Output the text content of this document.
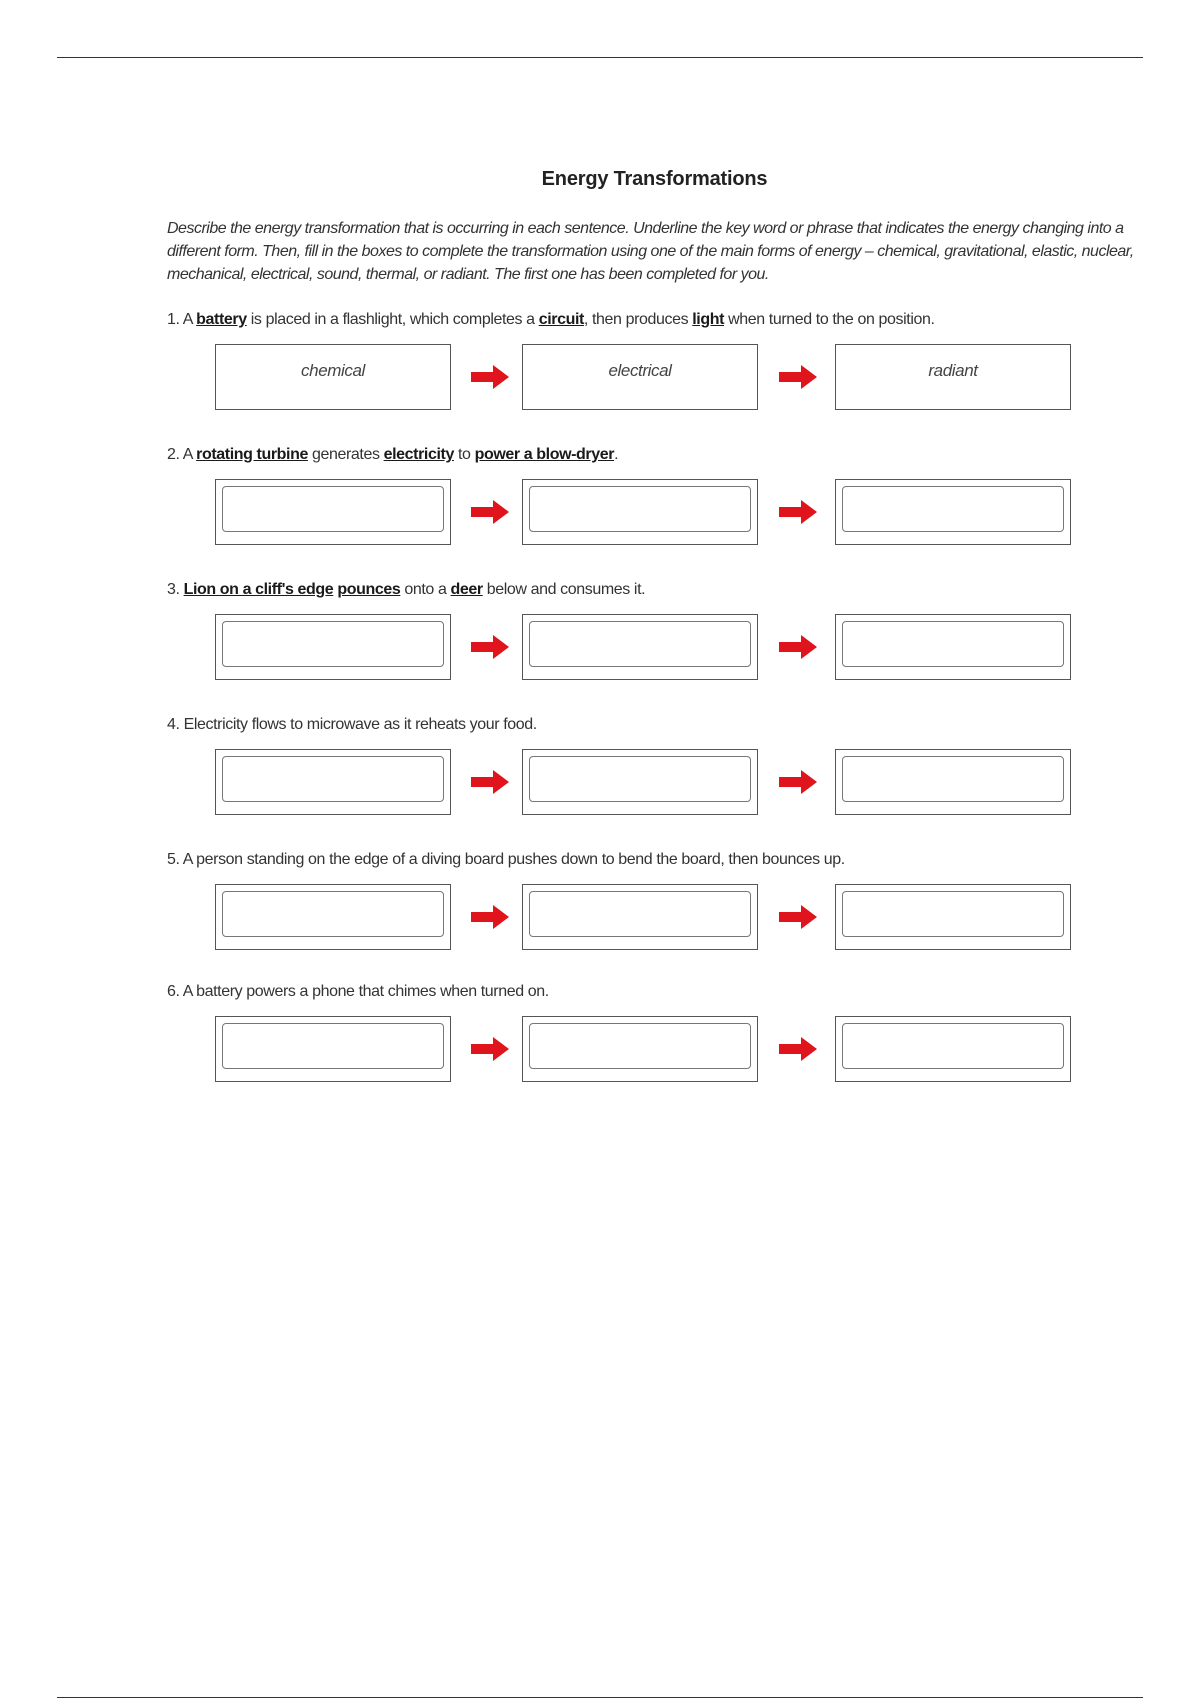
Energy Transformations
Describe the energy transformation that is occurring in each sentence. Underline the key word or phrase that indicates the energy changing into a different form. Then, fill in the boxes to complete the transformation using one of the main forms of energy – chemical, gravitational, elastic, nuclear, mechanical, electrical, sound, thermal, or radiant. The first one has been completed for you.
1. A battery is placed in a flashlight, which completes a circuit, then produces light when turned to the on position.
chemical	electrical	radiant
2. A rotating turbine generates electricity to power a blow-dryer.
3. Lion on a cliff's edge pounces onto a deer below and consumes it.
4. Electricity flows to microwave as it reheats your food.
5. A person standing on the edge of a diving board pushes down to bend the board, then bounces up.
6. A battery powers a phone that chimes when turned on.
